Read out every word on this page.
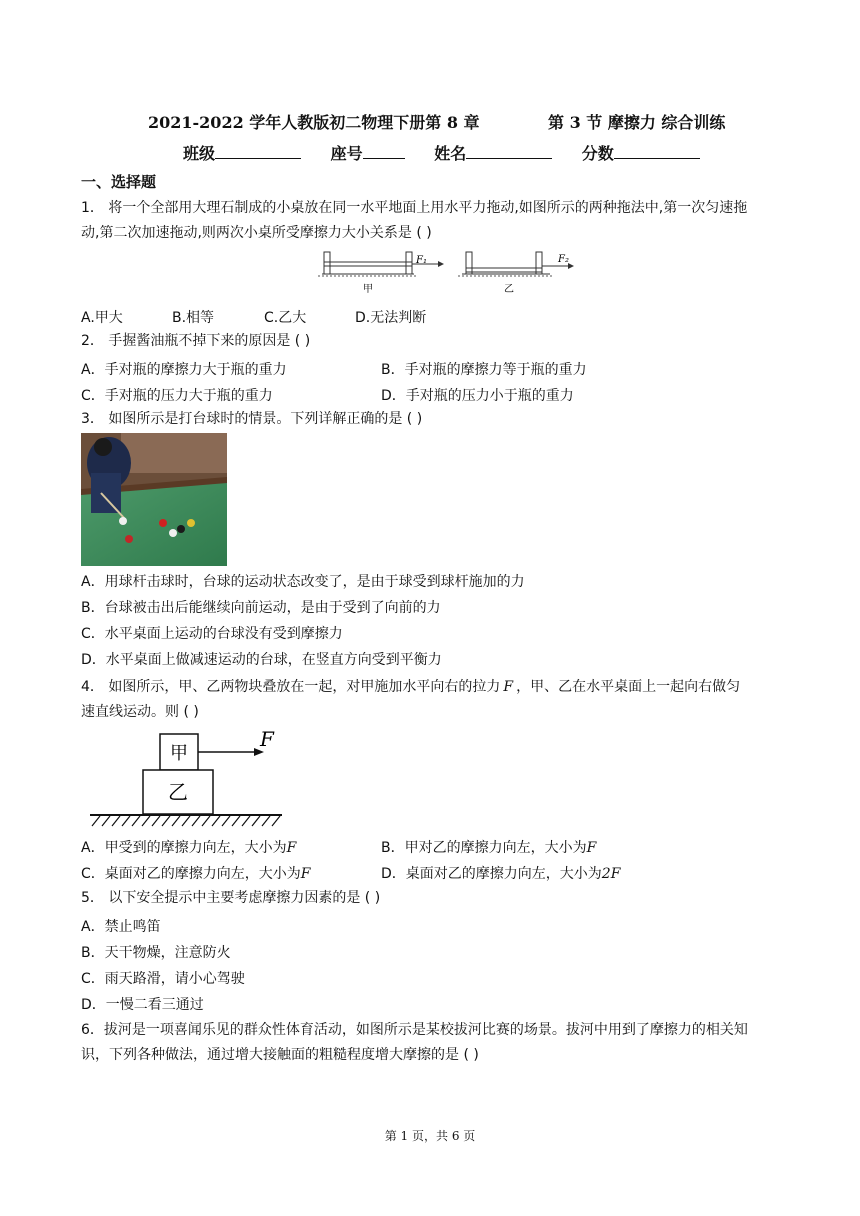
2021-2022 学年人教版初二物理下册第 8 章	第 3 节 摩擦力 综合训练
班级	座号	姓名	分数
一、选择题
1． 将一个全部用大理石制成的小桌放在同一水平地面上用水平力拖动,如图所示的两种拖法中,第一次匀速拖
动,第二次加速拖动,则两次小桌所受摩擦力大小关系是 ( )
F₁
甲
F₂
乙
A.甲大	B.相等	C.乙大	D.无法判断
2． 手握酱油瓶不掉下来的原因是 ( )
A．手对瓶的摩擦力大于瓶的重力	B．手对瓶的摩擦力等于瓶的重力
C．手对瓶的压力大于瓶的重力	D．手对瓶的压力小于瓶的重力
3． 如图所示是打台球时的情景。下列详解正确的是 ( )
A．用球杆击球时，台球的运动状态改变了，是由于球受到球杆施加的力
B．台球被击出后能继续向前运动，是由于受到了向前的力
C．水平桌面上运动的台球没有受到摩擦力
D．水平桌面上做减速运动的台球，在竖直方向受到平衡力
4． 如图所示，甲、乙两物块叠放在一起，对甲施加水平向右的拉力 F ，甲、乙在水平桌面上一起向右做匀
速直线运动。则 ( )
甲
乙
F
A．甲受到的摩擦力向左，大小为F	B．甲对乙的摩擦力向左，大小为F
C．桌面对乙的摩擦力向左，大小为F	D．桌面对乙的摩擦力向左，大小为2F
5． 以下安全提示中主要考虑摩擦力因素的是 ( )
A．禁止鸣笛
B．天干物燥，注意防火
C．雨天路滑，请小心驾驶
D．一慢二看三通过
6．拔河是一项喜闻乐见的群众性体育活动，如图所示是某校拔河比赛的场景。拔河中用到了摩擦力的相关知
识，下列各种做法，通过增大接触面的粗糙程度增大摩擦的是 ( )
第 1 页，共 6 页
